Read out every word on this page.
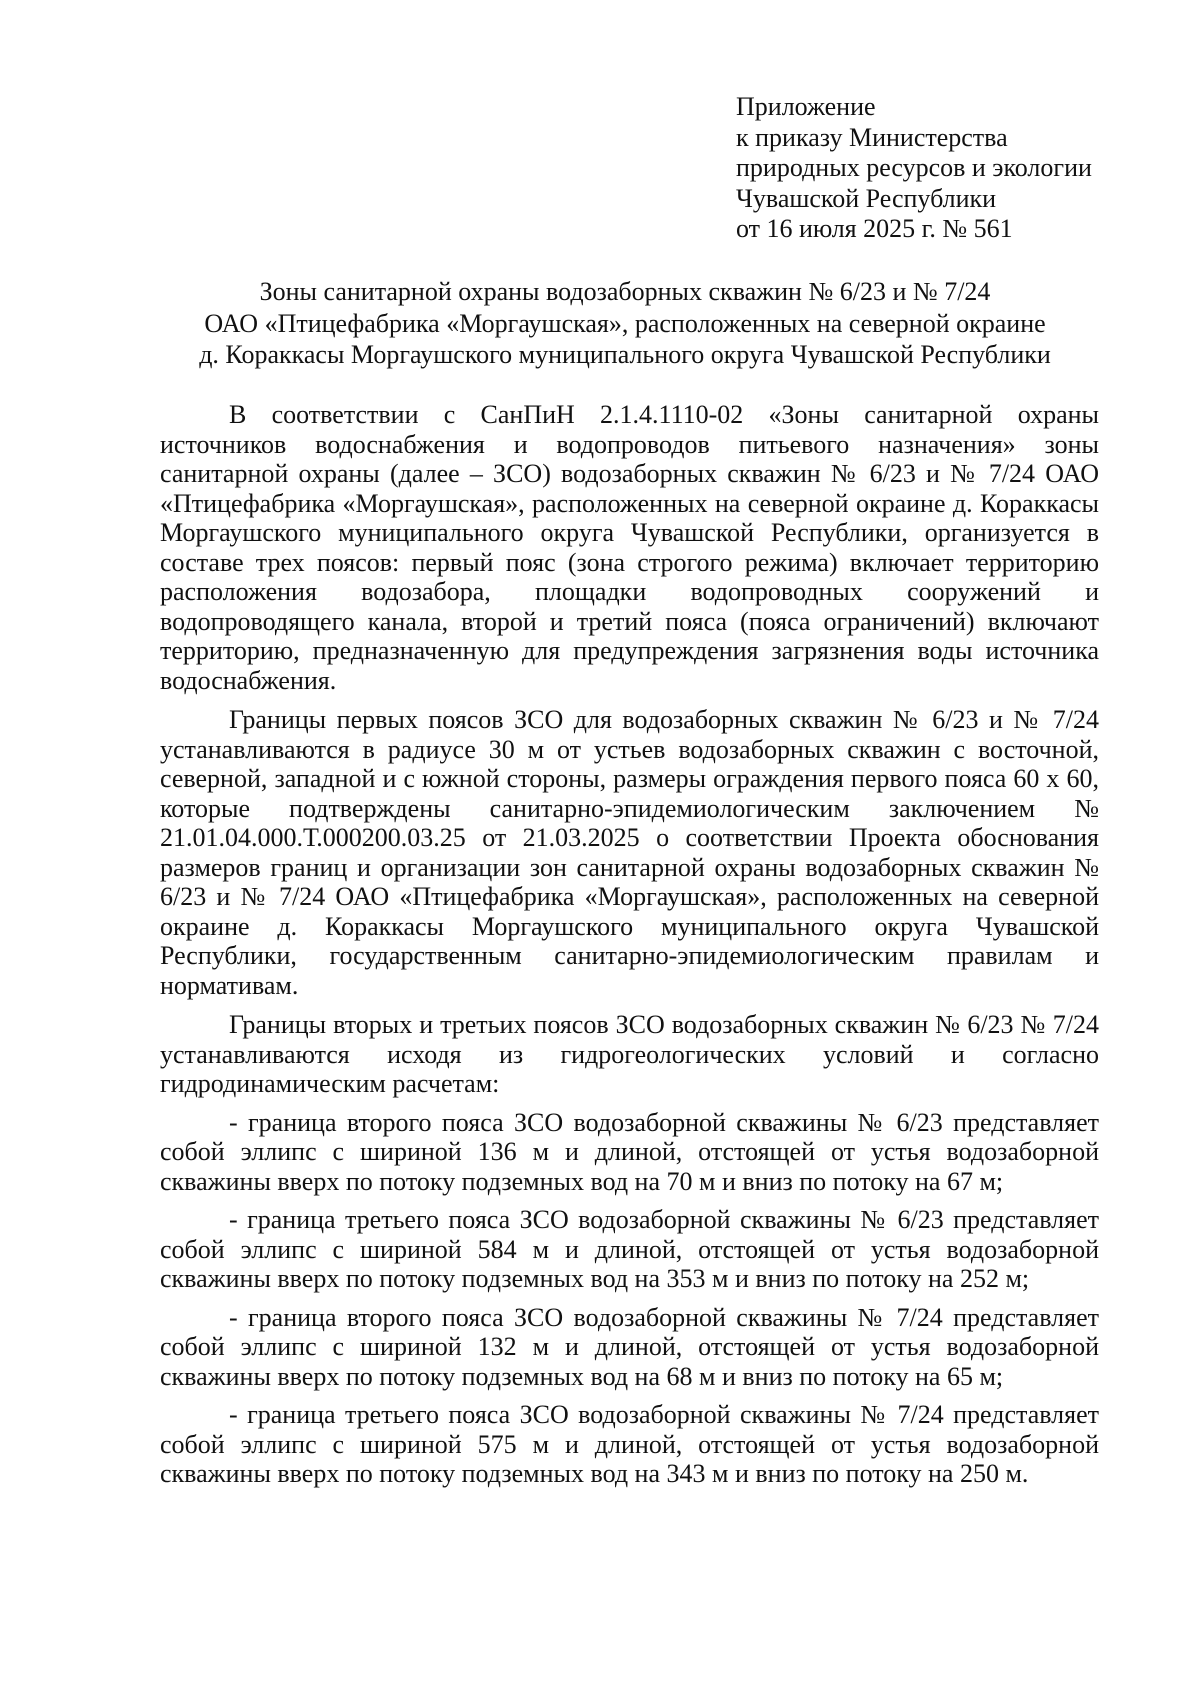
Приложение
к приказу Министерства
природных ресурсов и экологии
Чувашской Республики
от 16 июля 2025 г. № 561
Зоны санитарной охраны водозаборных скважин № 6/23 и № 7/24
ОАО «Птицефабрика «Моргаушская», расположенных на северной окраине
д. Кораккасы Моргаушского муниципального округа Чувашской Республики

В соответствии с СанПиН 2.1.4.1110-02 «Зоны санитарной охраны источников водоснабжения и водопроводов питьевого назначения» зоны санитарной охраны (далее – ЗСО) водозаборных скважин № 6/23 и № 7/24 ОАО «Птицефабрика «Моргаушская», расположенных на северной окраине д. Кораккасы Моргаушского муниципального округа Чувашской Республики, организуется в составе трех поясов: первый пояс (зона строгого режима) включает территорию расположения водозабора, площадки водопроводных сооружений и водопроводящего канала, второй и третий пояса (пояса ограничений) включают территорию, предназначенную для предупреждения загрязнения воды источника водоснабжения.

Границы первых поясов ЗСО для водозаборных скважин № 6/23 и № 7/24 устанавливаются в радиусе 30 м от устьев водозаборных скважин с восточной, северной, западной и с южной стороны, размеры ограждения первого пояса 60 х 60, которые подтверждены санитарно-эпидемиологическим заключением № 21.01.04.000.Т.000200.03.25 от 21.03.2025 о соответствии Проекта обоснования размеров границ и организации зон санитарной охраны водозаборных скважин № 6/23 и № 7/24 ОАО «Птицефабрика «Моргаушская», расположенных на северной окраине д. Кораккасы Моргаушского муниципального округа Чувашской Республики, государственным санитарно-эпидемиологическим правилам и нормативам.

Границы вторых и третьих поясов ЗСО водозаборных скважин № 6/23 № 7/24 устанавливаются исходя из гидрогеологических условий и согласно гидродинамическим расчетам:

- граница второго пояса ЗСО водозаборной скважины № 6/23 представляет собой эллипс с шириной 136 м и длиной, отстоящей от устья водозаборной скважины вверх по потоку подземных вод на 70 м и вниз по потоку на 67 м;

- граница третьего пояса ЗСО водозаборной скважины № 6/23 представляет собой эллипс с шириной 584 м и длиной, отстоящей от устья водозаборной скважины вверх по потоку подземных вод на 353 м и вниз по потоку на 252 м;

- граница второго пояса ЗСО водозаборной скважины № 7/24 представляет собой эллипс с шириной 132 м и длиной, отстоящей от устья водозаборной скважины вверх по потоку подземных вод на 68 м и вниз по потоку на 65 м;

- граница третьего пояса ЗСО водозаборной скважины № 7/24 представляет собой эллипс с шириной 575 м и длиной, отстоящей от устья водозаборной скважины вверх по потоку подземных вод на 343 м и вниз по потоку на 250 м.
